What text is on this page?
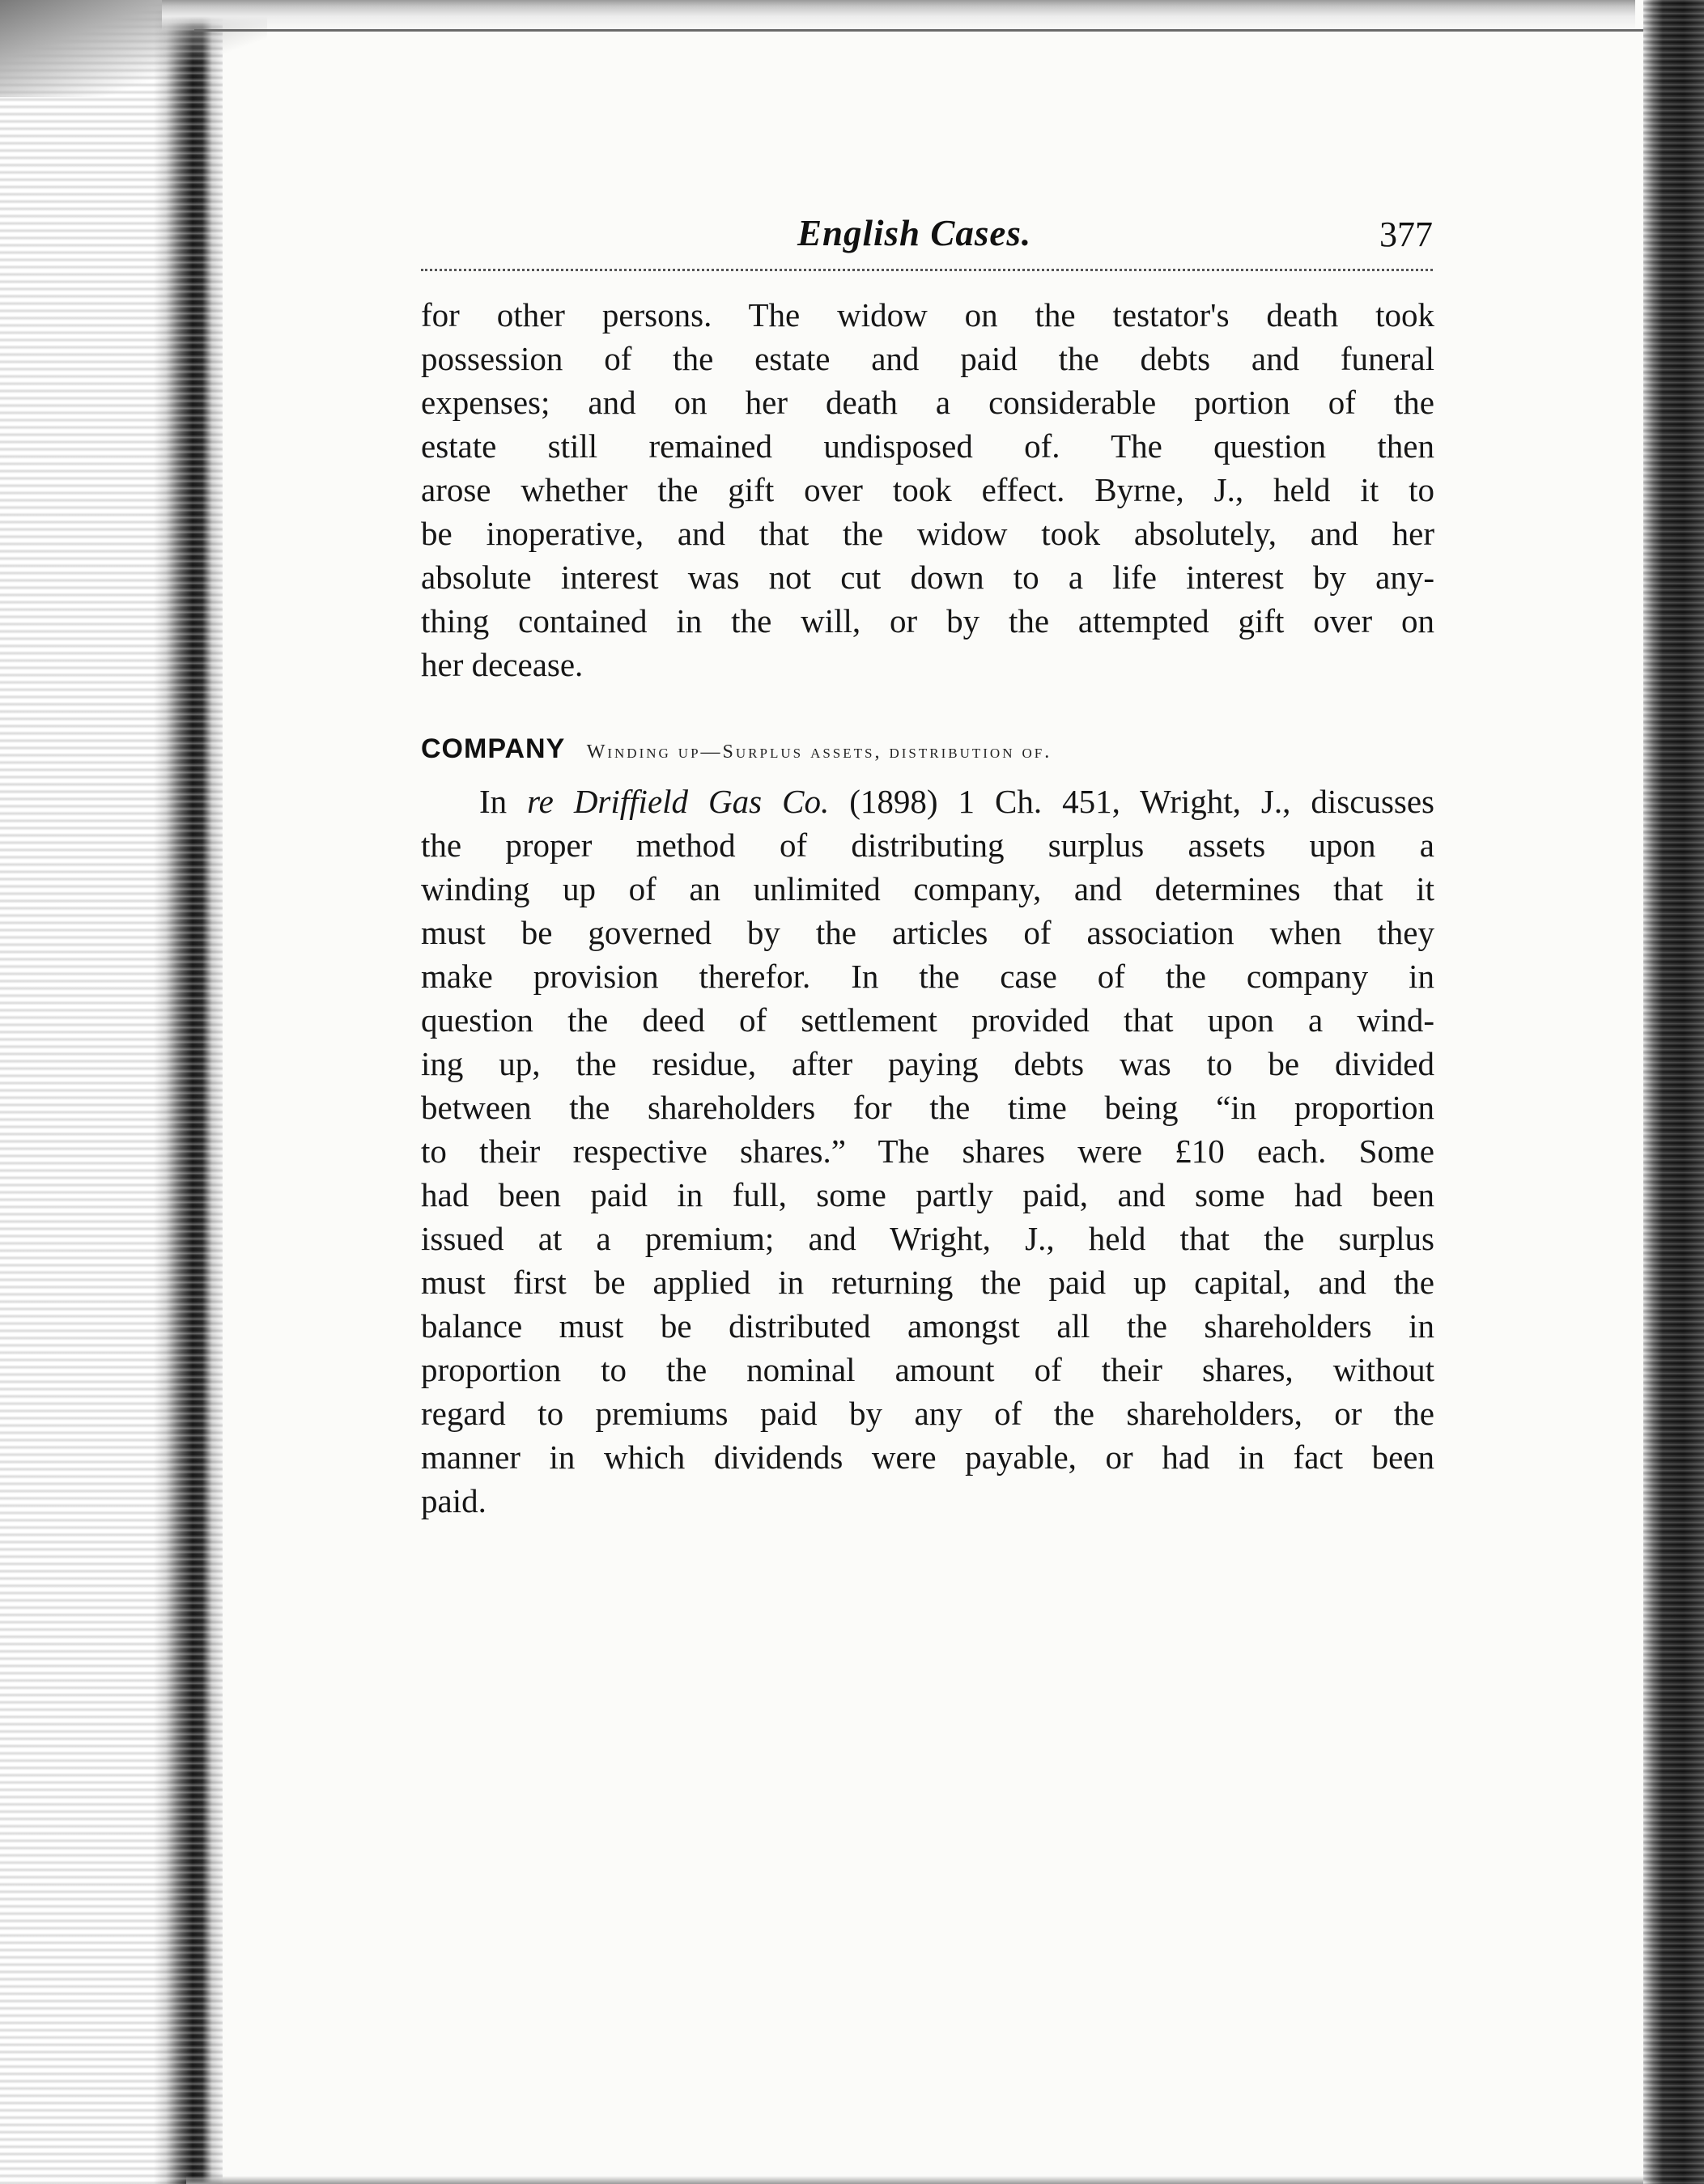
English Cases.	377
for other persons. The widow on the testator's death took
possession of the estate and paid the debts and funeral
expenses; and on her death a considerable portion of the
estate still remained undisposed of. The question then
arose whether the gift over took effect. Byrne, J., held it to
be inoperative, and that the widow took absolutely, and her
absolute interest was not cut down to a life interest by any-
thing contained in the will, or by the attempted gift over on
her decease.
COMPANY Winding up—Surplus assets, distribution of.
In re Driffield Gas Co. (1898) 1 Ch. 451, Wright, J., discusses
the proper method of distributing surplus assets upon a
winding up of an unlimited company, and determines that it
must be governed by the articles of association when they
make provision therefor. In the case of the company in
question the deed of settlement provided that upon a wind-
ing up, the residue, after paying debts was to be divided
between the shareholders for the time being “in proportion
to their respective shares.” The shares were £10 each. Some
had been paid in full, some partly paid, and some had been
issued at a premium; and Wright, J., held that the surplus
must first be applied in returning the paid up capital, and the
balance must be distributed amongst all the shareholders in
proportion to the nominal amount of their shares, without
regard to premiums paid by any of the shareholders, or the
manner in which dividends were payable, or had in fact been
paid.
